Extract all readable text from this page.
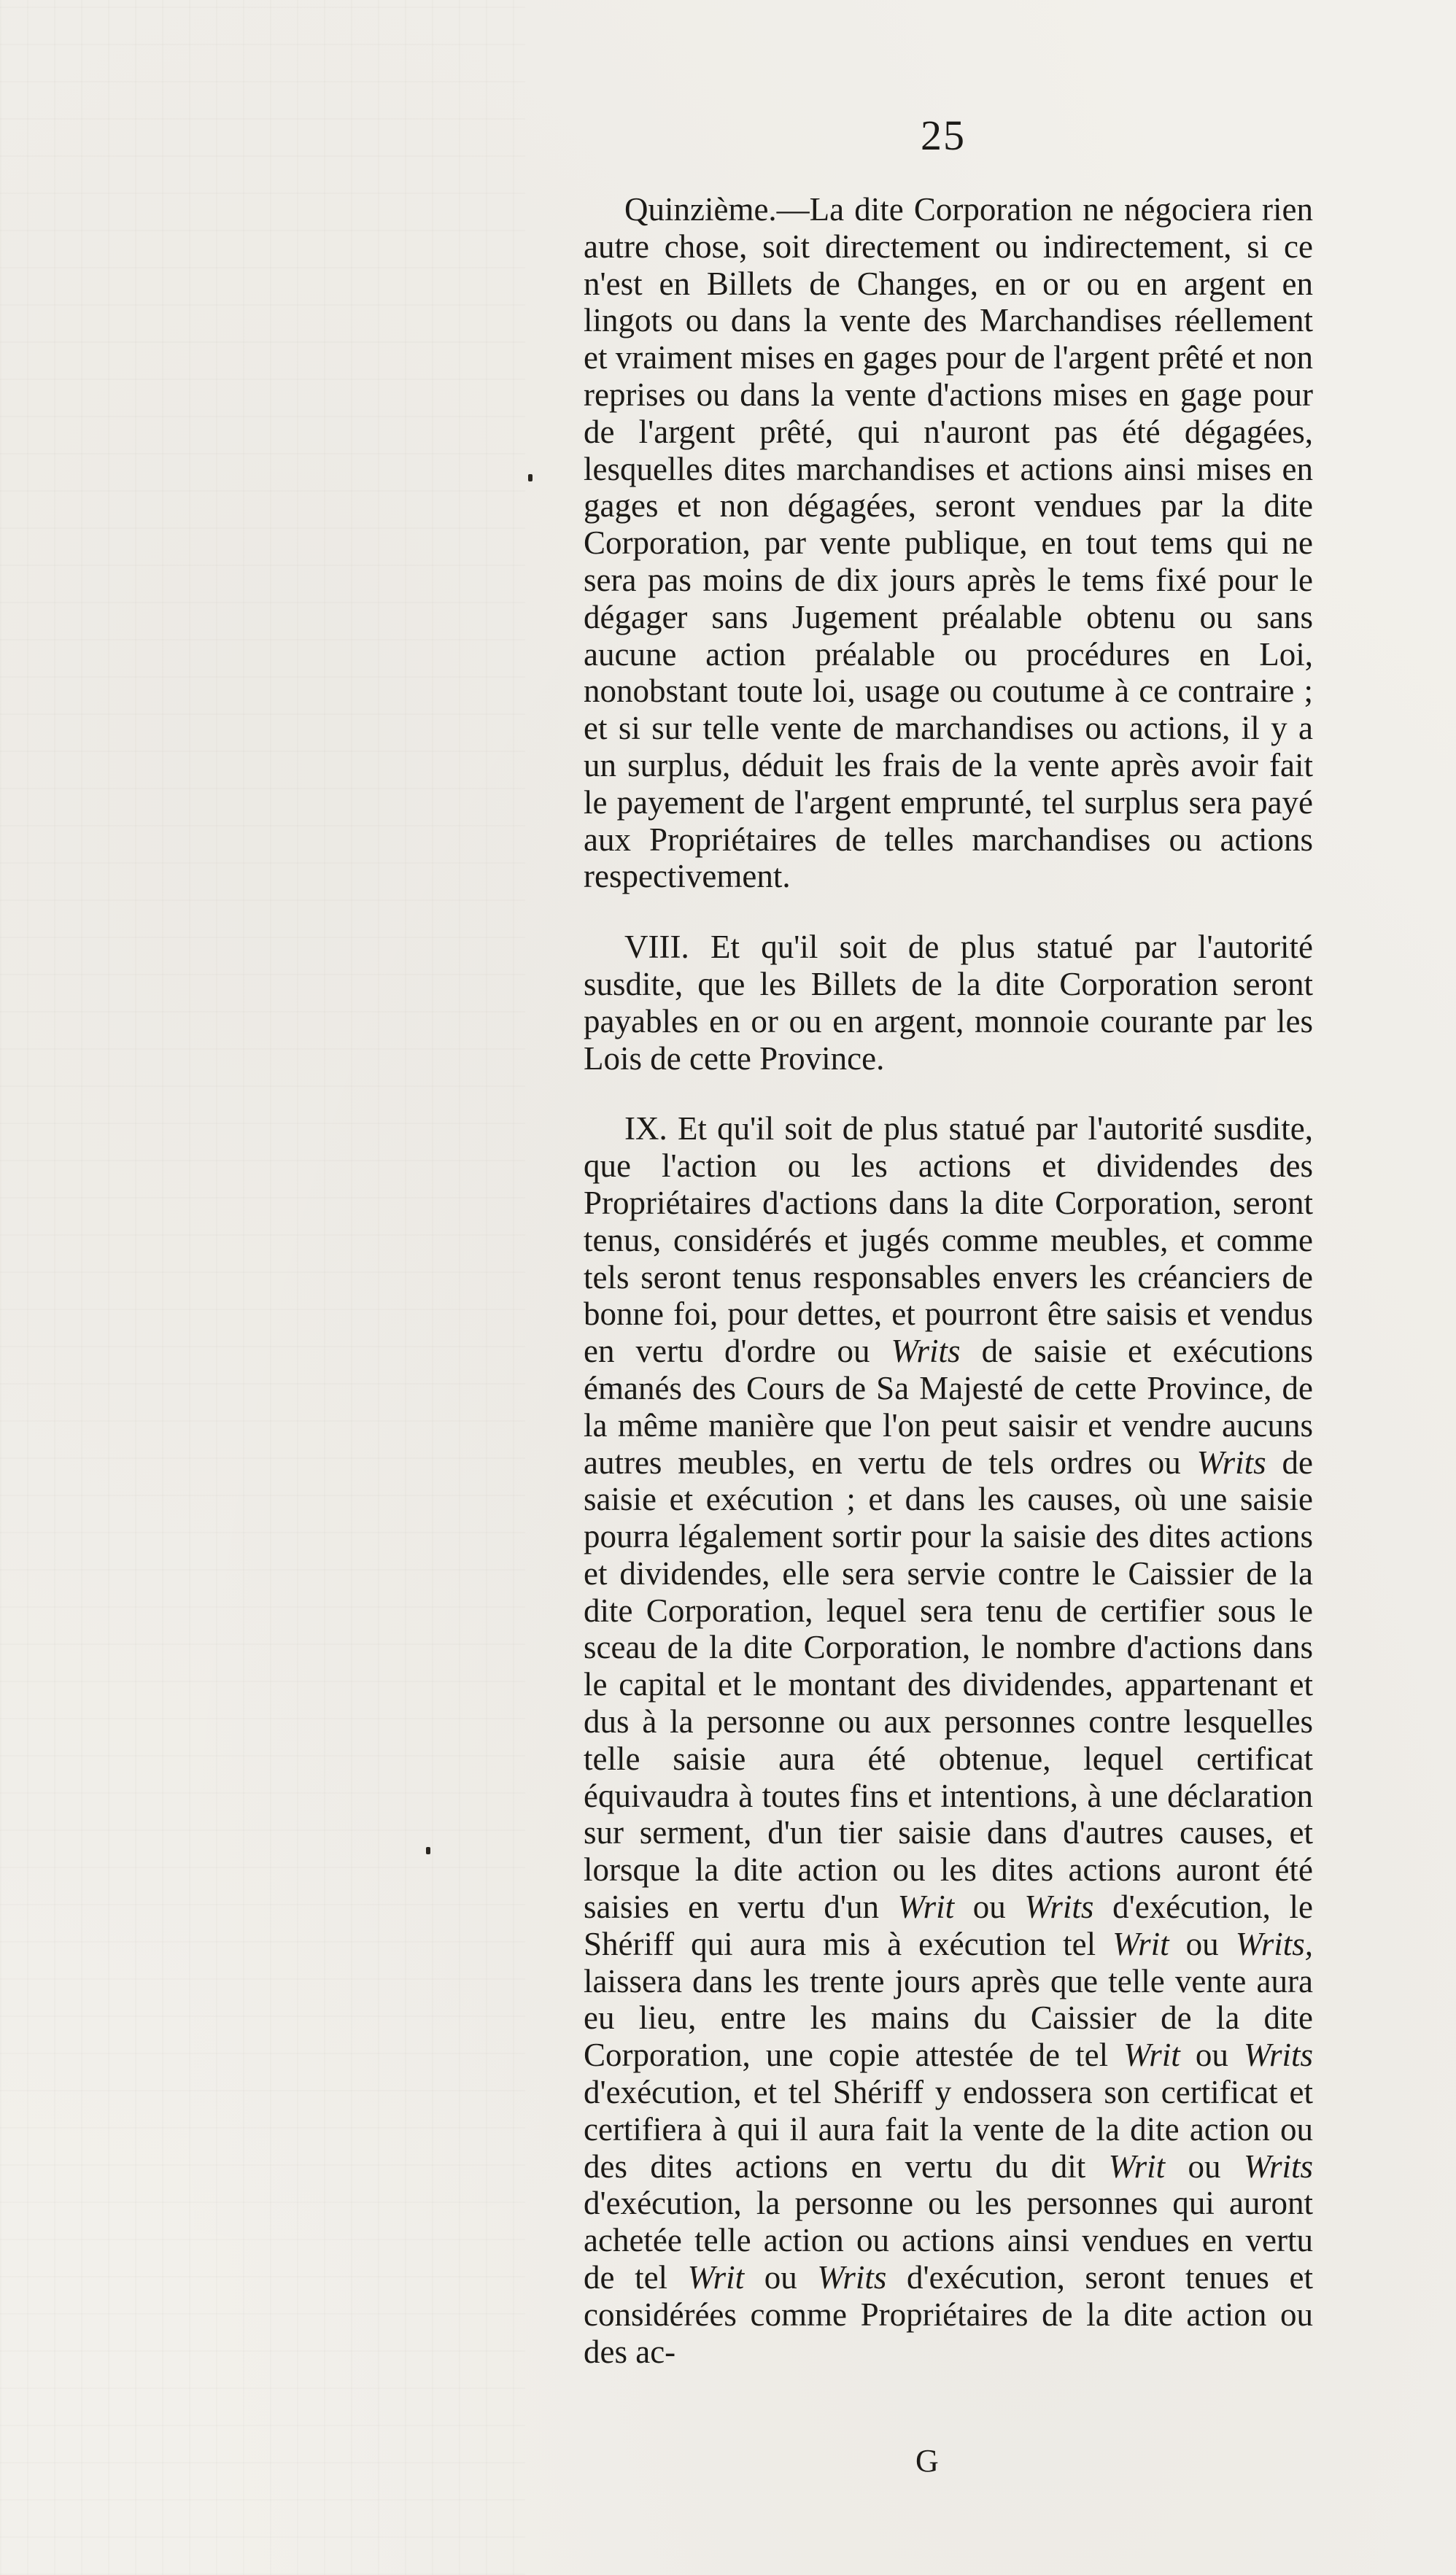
25

Quinzième.—La dite Corporation ne négociera rien autre chose, soit directement ou indirectement, si ce n'est en Billets de Changes, en or ou en argent en lingots ou dans la vente des Marchandises réellement et vraiment mises en gages pour de l'argent prêté et non reprises ou dans la vente d'actions mises en gage pour de l'argent prêté, qui n'auront pas été dégagées, lesquelles dites marchandises et actions ainsi mises en gages et non dégagées, seront vendues par la dite Corporation, par vente publique, en tout tems qui ne sera pas moins de dix jours après le tems fixé pour le dégager sans Jugement préalable obtenu ou sans aucune action préalable ou procédures en Loi, nonobstant toute loi, usage ou coutume à ce contraire ; et si sur telle vente de marchandises ou actions, il y a un surplus, déduit les frais de la vente après avoir fait le payement de l'argent emprunté, tel surplus sera payé aux Propriétaires de telles marchandises ou actions respectivement.

VIII. Et qu'il soit de plus statué par l'autorité susdite, que les Billets de la dite Corporation seront payables en or ou en argent, monnoie courante par les Lois de cette Province.

IX. Et qu'il soit de plus statué par l'autorité susdite, que l'action ou les actions et dividendes des Propriétaires d'actions dans la dite Corporation, seront tenus, considérés et jugés comme meubles, et comme tels seront tenus responsables envers les créanciers de bonne foi, pour dettes, et pourront être saisis et vendus en vertu d'ordre ou Writs de saisie et exécutions émanés des Cours de Sa Majesté de cette Province, de la même manière que l'on peut saisir et vendre aucuns autres meubles, en vertu de tels ordres ou Writs de saisie et exécution ; et dans les causes, où une saisie pourra légalement sortir pour la saisie des dites actions et dividendes, elle sera servie contre le Caissier de la dite Corporation, lequel sera tenu de certifier sous le sceau de la dite Corporation, le nombre d'actions dans le capital et le montant des dividendes, appartenant et dus à la personne ou aux personnes contre lesquelles telle saisie aura été obtenue, lequel certificat équivaudra à toutes fins et intentions, à une déclaration sur serment, d'un tier saisie dans d'autres causes, et lorsque la dite action ou les dites actions auront été saisies en vertu d'un Writ ou Writs d'exécution, le Shériff qui aura mis à exécution tel Writ ou Writs, laissera dans les trente jours après que telle vente aura eu lieu, entre les mains du Caissier de la dite Corporation, une copie attestée de tel Writ ou Writs d'exécution, et tel Shériff y endossera son certificat et certifiera à qui il aura fait la vente de la dite action ou des dites actions en vertu du dit Writ ou Writs d'exécution, la personne ou les personnes qui auront achetée telle action ou actions ainsi vendues en vertu de tel Writ ou Writs d'exécution, seront tenues et considérées comme Propriétaires de la dite action ou des ac-

G
